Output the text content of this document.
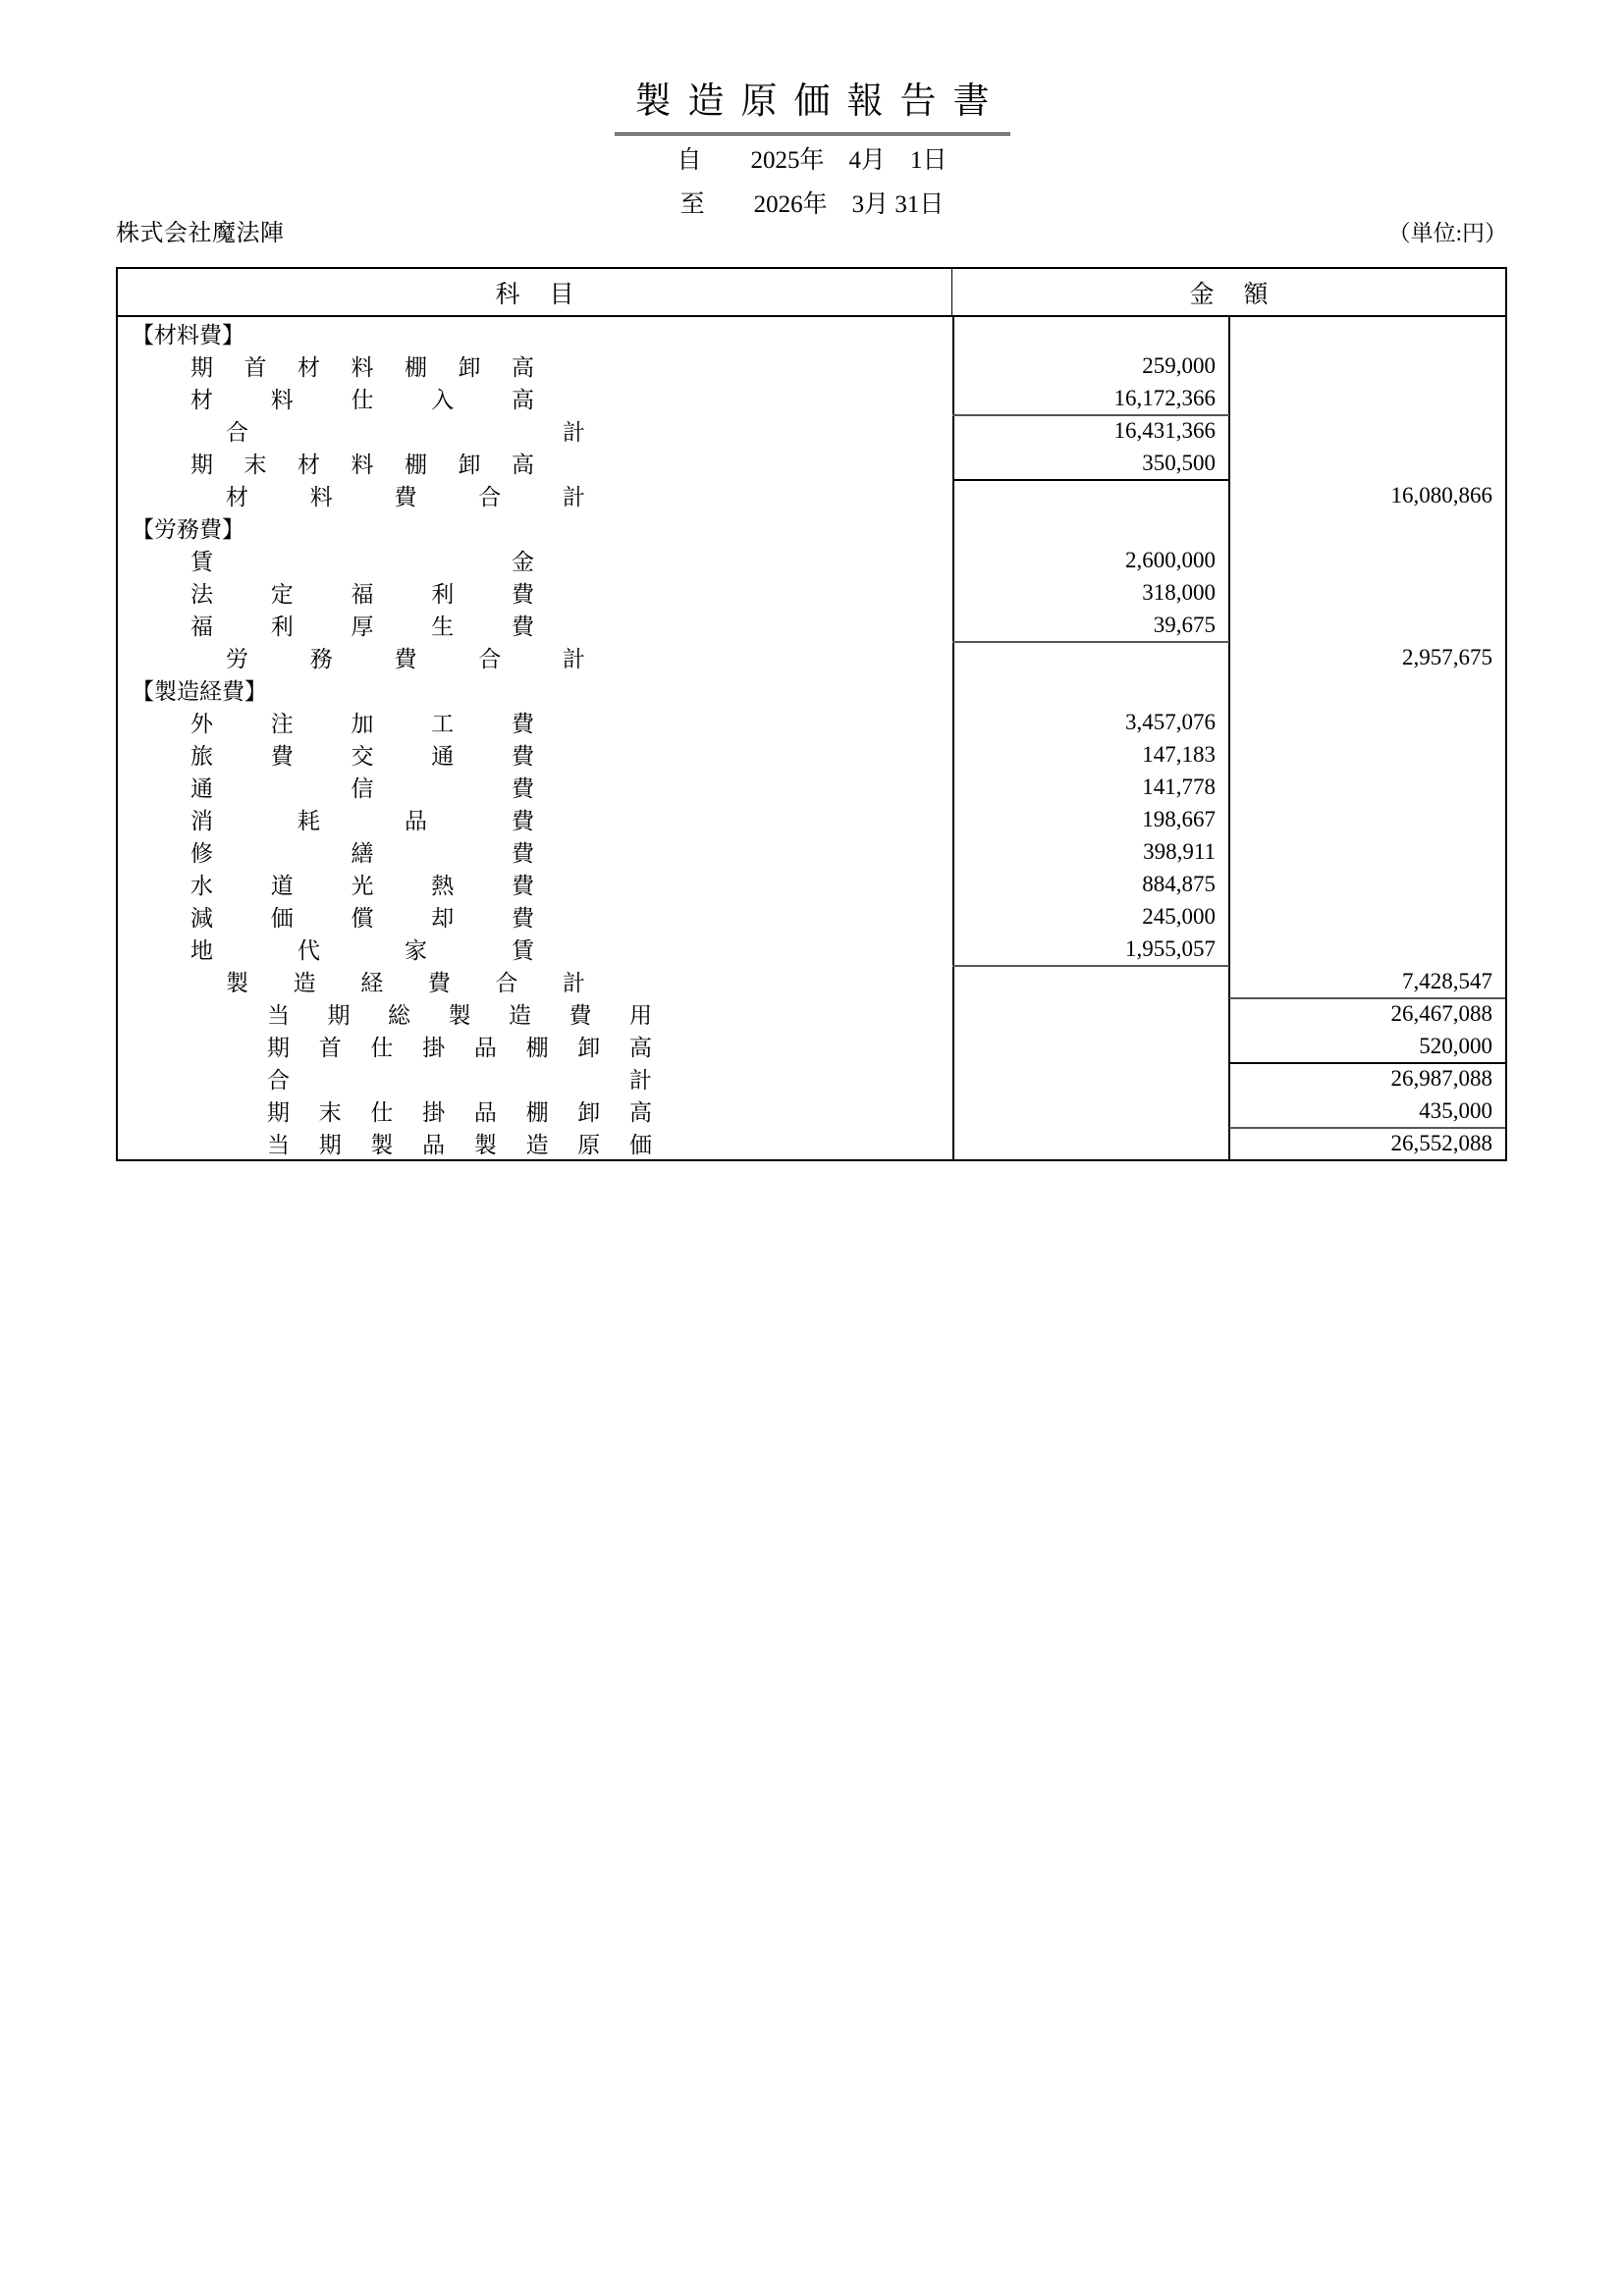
製造原価報告書
自　　2025年　4月　1日
至　　2026年　3月 31日
株式会社魔法陣	（単位:円）
科目	金額
【材料費】
期首材料棚卸高	259,000
材料仕入高	16,172,366
合計	16,431,366
期末材料棚卸高	350,500
材料費合計	16,080,866
【労務費】
賃金	2,600,000
法定福利費	318,000
福利厚生費	39,675
労務費合計	2,957,675
【製造経費】
外注加工費	3,457,076
旅費交通費	147,183
通信費	141,778
消耗品費	198,667
修繕費	398,911
水道光熱費	884,875
減価償却費	245,000
地代家賃	1,955,057
製造経費合計	7,428,547
当期総製造費用	26,467,088
期首仕掛品棚卸高	520,000
合計	26,987,088
期末仕掛品棚卸高	435,000
当期製品製造原価	26,552,088
